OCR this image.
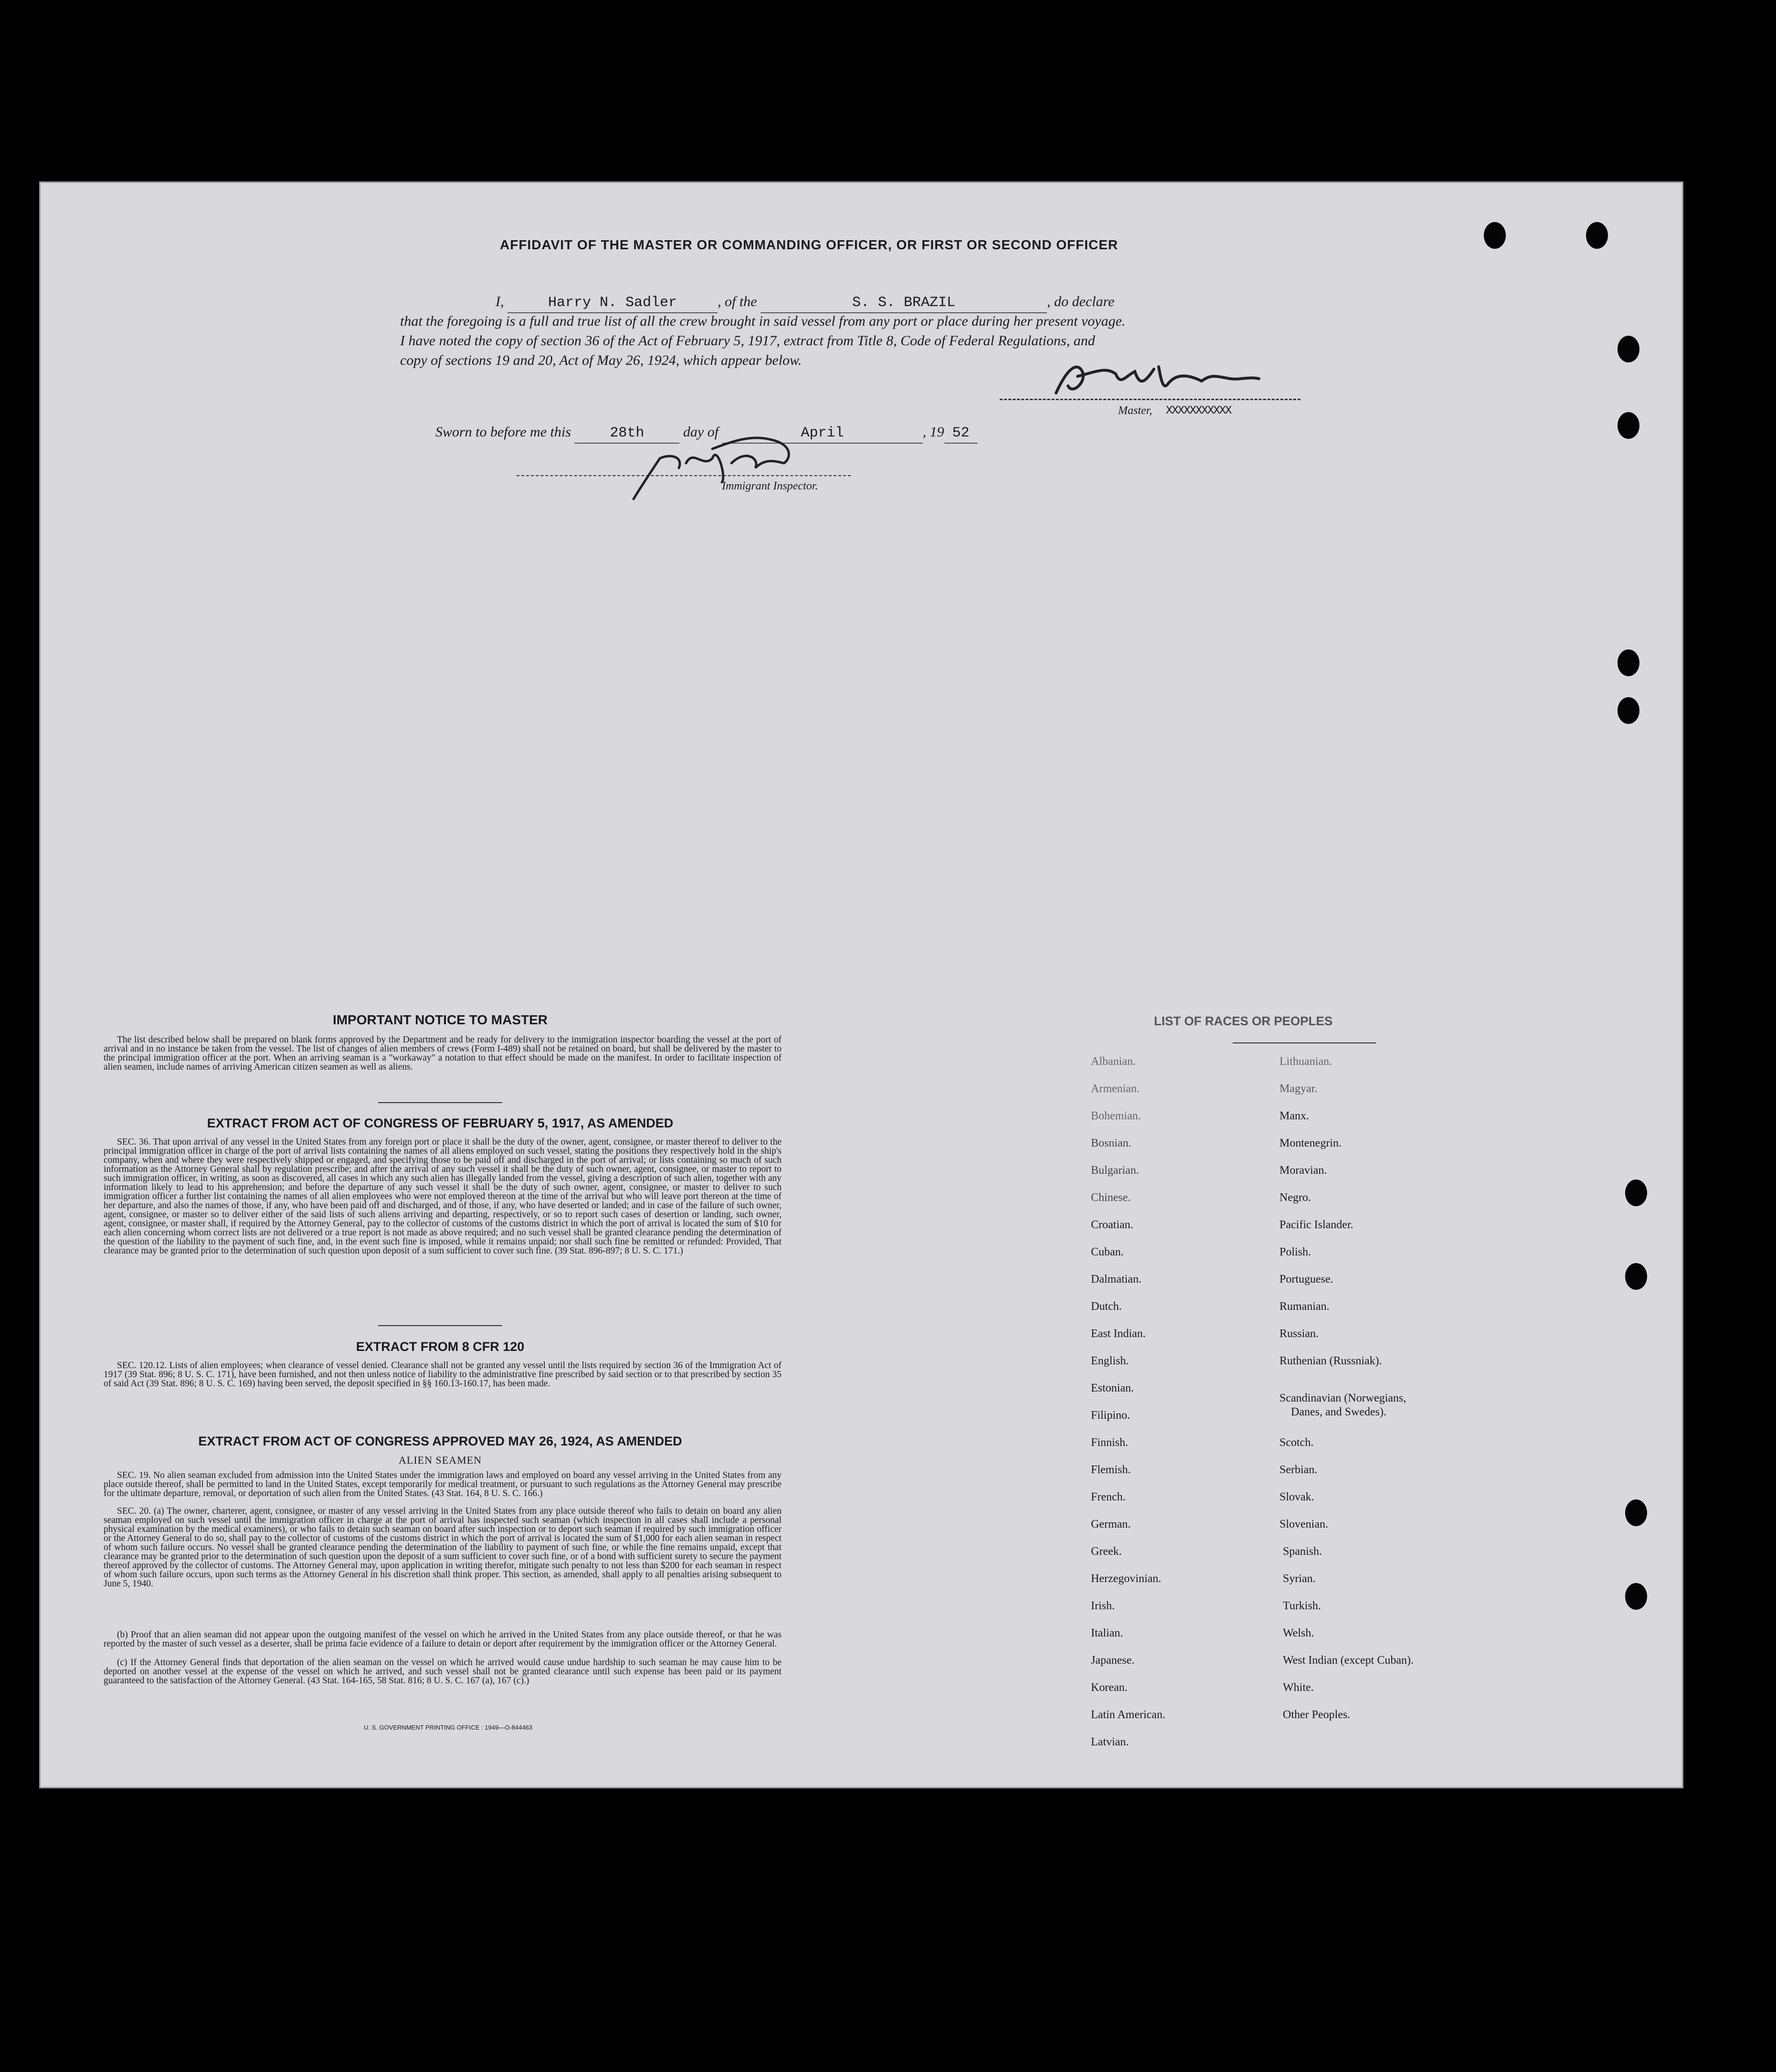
AFFIDAVIT OF THE MASTER OR COMMANDING OFFICER, OR FIRST OR SECOND OFFICER
I,	Harry N. Sadler	, of the	S. S. BRAZIL	, do declare
that the foregoing is a full and true list of all the crew brought in said vessel from any port or place during her present voyage.
I have noted the copy of section 36 of the Act of February 5, 1917, extract from Title 8, Code of Federal Regulations, and
copy of sections 19 and 20, Act of May 26, 1924, which appear below.
Master, XXXXXXXXXXX
Sworn to before me this	28th	day of	April	, 19 52
Immigrant Inspector.
IMPORTANT NOTICE TO MASTER
The list described below shall be prepared on blank forms approved by the Department and be ready for delivery to the immigration inspector boarding the vessel at the port of arrival and in no instance be taken from the vessel. The list of changes of alien members of crews (Form I-489) shall not be retained on board, but shall be delivered by the master to the principal immigration officer at the port. When an arriving seaman is a "workaway" a notation to that effect should be made on the manifest. In order to facilitate inspection of alien seamen, include names of arriving American citizen seamen as well as aliens.
EXTRACT FROM ACT OF CONGRESS OF FEBRUARY 5, 1917, AS AMENDED
SEC. 36. That upon arrival of any vessel in the United States from any foreign port or place it shall be the duty of the owner, agent, consignee, or master thereof to deliver to the principal immigration officer in charge of the port of arrival lists containing the names of all aliens employed on such vessel, stating the positions they respectively hold in the ship's company, when and where they were respectively shipped or engaged, and specifying those to be paid off and discharged in the port of arrival; or lists containing so much of such information as the Attorney General shall by regulation prescribe; and after the arrival of any such vessel it shall be the duty of such owner, agent, consignee, or master to report to such immigration officer, in writing, as soon as discovered, all cases in which any such alien has illegally landed from the vessel, giving a description of such alien, together with any information likely to lead to his apprehension; and before the departure of any such vessel it shall be the duty of such owner, agent, consignee, or master to deliver to such immigration officer a further list containing the names of all alien employees who were not employed thereon at the time of the arrival but who will leave port thereon at the time of her departure, and also the names of those, if any, who have been paid off and discharged, and of those, if any, who have deserted or landed; and in case of the failure of such owner, agent, consignee, or master so to deliver either of the said lists of such aliens arriving and departing, respectively, or so to report such cases of desertion or landing, such owner, agent, consignee, or master shall, if required by the Attorney General, pay to the collector of customs of the customs district in which the port of arrival is located the sum of $10 for each alien concerning whom correct lists are not delivered or a true report is not made as above required; and no such vessel shall be granted clearance pending the determination of the question of the liability to the payment of such fine, and, in the event such fine is imposed, while it remains unpaid; nor shall such fine be remitted or refunded: Provided, That clearance may be granted prior to the determination of such question upon deposit of a sum sufficient to cover such fine. (39 Stat. 896-897; 8 U. S. C. 171.)
EXTRACT FROM 8 CFR 120
SEC. 120.12. Lists of alien employees; when clearance of vessel denied. Clearance shall not be granted any vessel until the lists required by section 36 of the Immigration Act of 1917 (39 Stat. 896; 8 U. S. C. 171), have been furnished, and not then unless notice of liability to the administrative fine prescribed by said section or to that prescribed by section 35 of said Act (39 Stat. 896; 8 U. S. C. 169) having been served, the deposit specified in §§ 160.13-160.17, has been made.
EXTRACT FROM ACT OF CONGRESS APPROVED MAY 26, 1924, AS AMENDED
ALIEN SEAMEN
SEC. 19. No alien seaman excluded from admission into the United States under the immigration laws and employed on board any vessel arriving in the United States from any place outside thereof, shall be permitted to land in the United States, except temporarily for medical treatment, or pursuant to such regulations as the Attorney General may prescribe for the ultimate departure, removal, or deportation of such alien from the United States. (43 Stat. 164, 8 U. S. C. 166.)
SEC. 20. (a) The owner, charterer, agent, consignee, or master of any vessel arriving in the United States from any place outside thereof who fails to detain on board any alien seaman employed on such vessel until the immigration officer in charge at the port of arrival has inspected such seaman (which inspection in all cases shall include a personal physical examination by the medical examiners), or who fails to detain such seaman on board after such inspection or to deport such seaman if required by such immigration officer or the Attorney General to do so, shall pay to the collector of customs of the customs district in which the port of arrival is located the sum of $1,000 for each alien seaman in respect of whom such failure occurs. No vessel shall be granted clearance pending the determination of the liability to payment of such fine, or while the fine remains unpaid, except that clearance may be granted prior to the determination of such question upon the deposit of a sum sufficient to cover such fine, or of a bond with sufficient surety to secure the payment thereof approved by the collector of customs. The Attorney General may, upon application in writing therefor, mitigate such penalty to not less than $200 for each seaman in respect of whom such failure occurs, upon such terms as the Attorney General in his discretion shall think proper. This section, as amended, shall apply to all penalties arising subsequent to June 5, 1940.
(b) Proof that an alien seaman did not appear upon the outgoing manifest of the vessel on which he arrived in the United States from any place outside thereof, or that he was reported by the master of such vessel as a deserter, shall be prima facie evidence of a failure to detain or deport after requirement by the immigration officer or the Attorney General.
(c) If the Attorney General finds that deportation of the alien seaman on the vessel on which he arrived would cause undue hardship to such seaman he may cause him to be deported on another vessel at the expense of the vessel on which he arrived, and such vessel shall not be granted clearance until such expense has been paid or its payment guaranteed to the satisfaction of the Attorney General. (43 Stat. 164-165, 58 Stat. 816; 8 U. S. C. 167 (a), 167 (c).)
U. S. GOVERNMENT PRINTING OFFICE : 1949—O-844463
LIST OF RACES OR PEOPLES
Albanian.
Armenian.
Bohemian.
Bosnian.
Bulgarian.
Chinese.
Croatian.
Cuban.
Dalmatian.
Dutch.
East Indian.
English.
Estonian.
Filipino.
Finnish.
Flemish.
French.
German.
Greek.
Herzegovinian.
Irish.
Italian.
Japanese.
Korean.
Latin American.
Latvian.
Lithuanian.
Magyar.
Manx.
Montenegrin.
Moravian.
Negro.
Pacific Islander.
Polish.
Portuguese.
Rumanian.
Russian.
Ruthenian (Russniak).
Scandinavian (Norwegians,
Danes, and Swedes).
Scotch.
Serbian.
Slovak.
Slovenian.
Spanish.
Syrian.
Turkish.
Welsh.
West Indian (except Cuban).
White.
Other Peoples.
